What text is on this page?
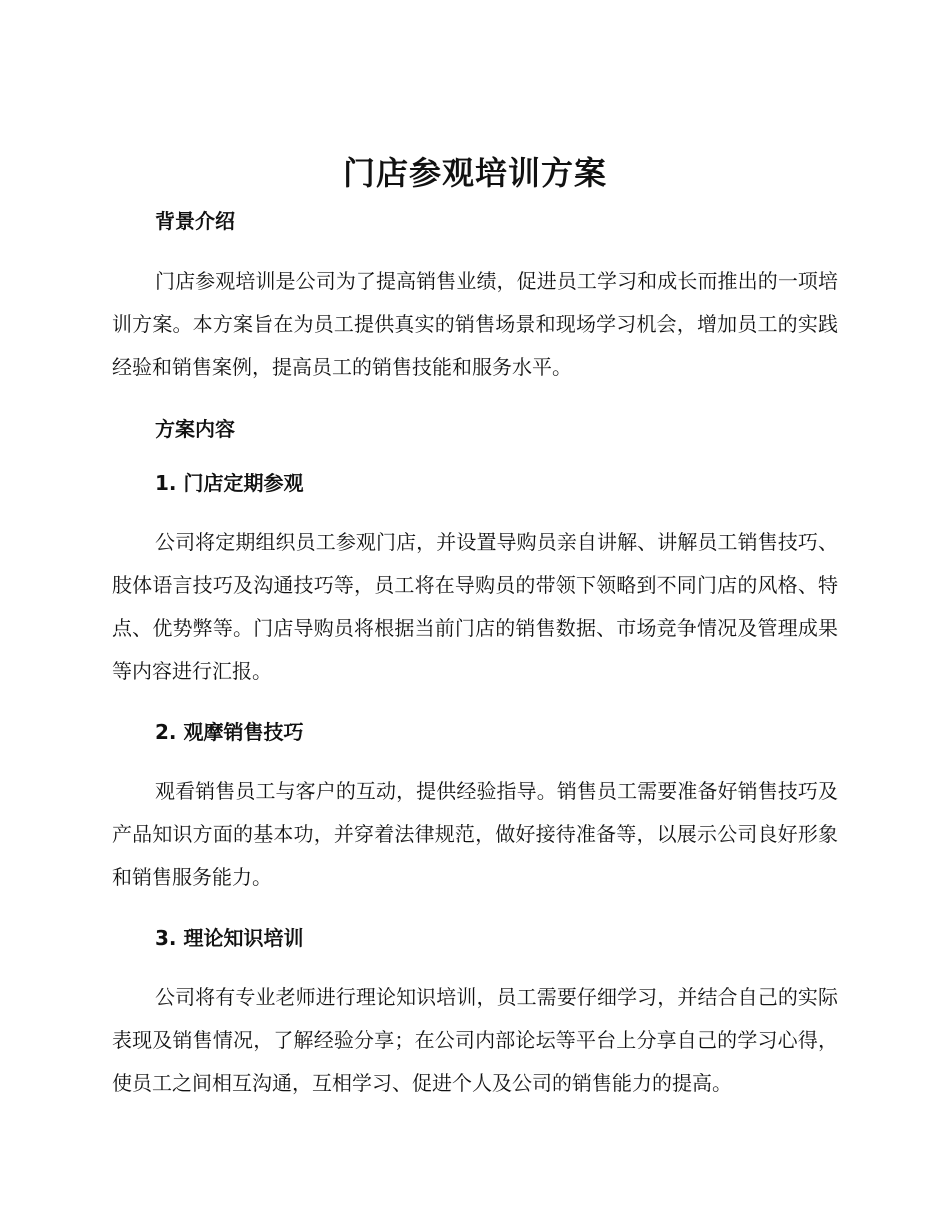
门店参观培训方案
背景介绍

门店参观培训是公司为了提高销售业绩，促进员工学习和成长而推出的一项培训方案。本方案旨在为员工提供真实的销售场景和现场学习机会，增加员工的实践经验和销售案例，提高员工的销售技能和服务水平。

方案内容
1. 门店定期参观

公司将定期组织员工参观门店，并设置导购员亲自讲解、讲解员工销售技巧、肢体语言技巧及沟通技巧等，员工将在导购员的带领下领略到不同门店的风格、特点、优势弊等。门店导购员将根据当前门店的销售数据、市场竞争情况及管理成果等内容进行汇报。

2. 观摩销售技巧

观看销售员工与客户的互动，提供经验指导。销售员工需要准备好销售技巧及产品知识方面的基本功，并穿着法律规范，做好接待准备等，以展示公司良好形象和销售服务能力。

3. 理论知识培训

公司将有专业老师进行理论知识培训，员工需要仔细学习，并结合自己的实际表现及销售情况，了解经验分享；在公司内部论坛等平台上分享自己的学习心得，使员工之间相互沟通，互相学习、促进个人及公司的销售能力的提高。
